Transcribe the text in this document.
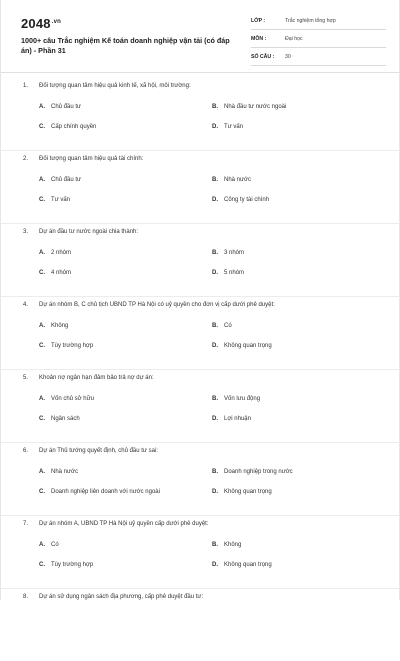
$2048^{.vn}$
1000+ câu Trắc nghiệm Kế toán doanh nghiệp vận tải (có đáp án) - Phần 31
LỚP :	Trắc nghiệm tổng hợp
MÔN :	Đại học
SỐ CÂU : 30
1. Đối tượng quan tâm hiệu quả kinh tế, xã hội, môi trường:
A. Chủ đầu tư	B. Nhà đầu tư nước ngoài
C. Cấp chính quyền	D. Tư vấn
2. Đối tượng quan tâm hiệu quả tài chính:
A. Chủ đầu tư	B. Nhà nước
C. Tư vấn	D. Công ty tài chính
3. Dự án đầu tư nước ngoài chia thành:
A. 2 nhóm	B. 3 nhóm
C. 4 nhóm	D. 5 nhóm
4. Dự án nhóm B, C chủ tịch UBND TP Hà Nội có uỷ quyền cho đơn vị cấp dưới phê duyệt:
A. Không	B. Có
C. Tùy trường hợp	D. Không quan trọng
5. Khoản nợ ngân hạn đảm bảo trả nợ dự án:
A. Vốn chủ sở hữu	B. Vốn lưu động
C. Ngân sách	D. Lợi nhuận
6. Dự án Thủ tướng quyết định, chủ đầu tư sai:
A. Nhà nước	B. Doanh nghiệp trong nước
C. Doanh nghiệp liên doanh với nước ngoài	D. Không quan trọng
7. Dự án nhóm A, UBND TP Hà Nội uỷ quyền cấp dưới phê duyệt:
A. Có	B. Không
C. Tùy trường hợp	D. Không quan trọng
8. Dự án sử dụng ngân sách địa phương, cấp phê duyệt đầu tư:
